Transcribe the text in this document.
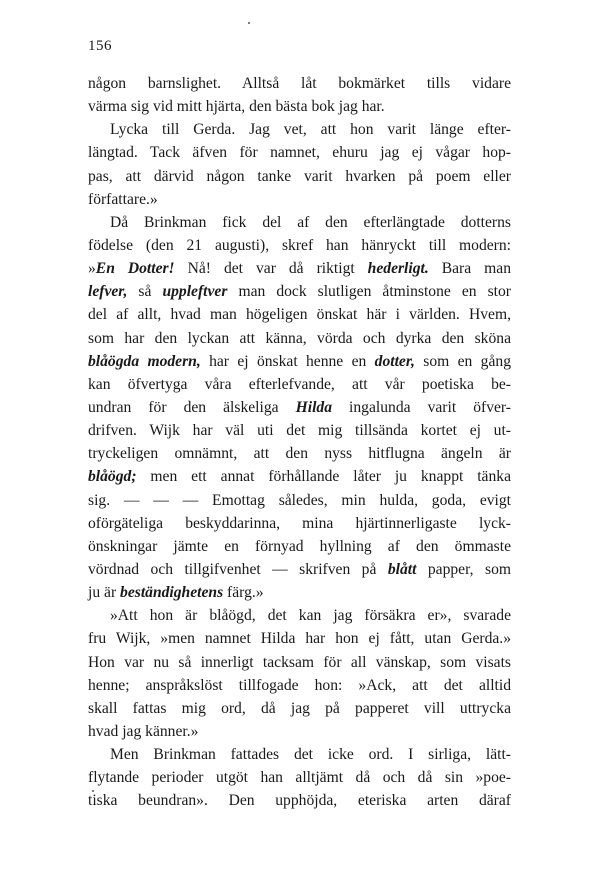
156
någon barnslighet. Alltså låt bokmärket tills vidare
värma sig vid mitt hjärta, den bästa bok jag har.
Lycka till Gerda. Jag vet, att hon varit länge efter-
längtad. Tack äfven för namnet, ehuru jag ej vågar hop-
pas, att därvid någon tanke varit hvarken på poem eller
författare.»
Då Brinkman fick del af den efterlängtade dotterns
födelse (den 21 augusti), skref han hänryckt till modern:
»En Dotter! Nå! det var då riktigt hederligt. Bara man
lefver, så uppleftver man dock slutligen åtminstone en stor
del af allt, hvad man högeligen önskat här i världen. Hvem,
som har den lyckan att känna, vörda och dyrka den sköna
blåögda modern, har ej önskat henne en dotter, som en gång
kan öfvertyga våra efterlefvande, att vår poetiska be-
undran för den älskeliga Hilda ingalunda varit öfver-
drifven. Wijk har väl uti det mig tillsända kortet ej ut-
tryckeligen omnämnt, att den nyss hitflugna ängeln är
blåögd; men ett annat förhållande låter ju knappt tänka
sig. — — — Emottag således, min hulda, goda, evigt
oförgäteliga beskyddarinna, mina hjärtinnerligaste lyck-
önskningar jämte en förnyad hyllning af den ömmaste
vördnad och tillgifvenhet — skrifven på blått papper, som
ju är beständighetens färg.»
»Att hon är blåögd, det kan jag försäkra er», svarade
fru Wijk, »men namnet Hilda har hon ej fått, utan Gerda.»
Hon var nu så innerligt tacksam för all vänskap, som visats
henne; anspråkslöst tillfogade hon: »Ack, att det alltid
skall fattas mig ord, då jag på papperet vill uttrycka
hvad jag känner.»
Men Brinkman fattades det icke ord. I sirliga, lätt-
flytande perioder utgöt han alltjämt då och då sin »poe-
tiska beundran». Den upphöjda, eteriska arten däraf
